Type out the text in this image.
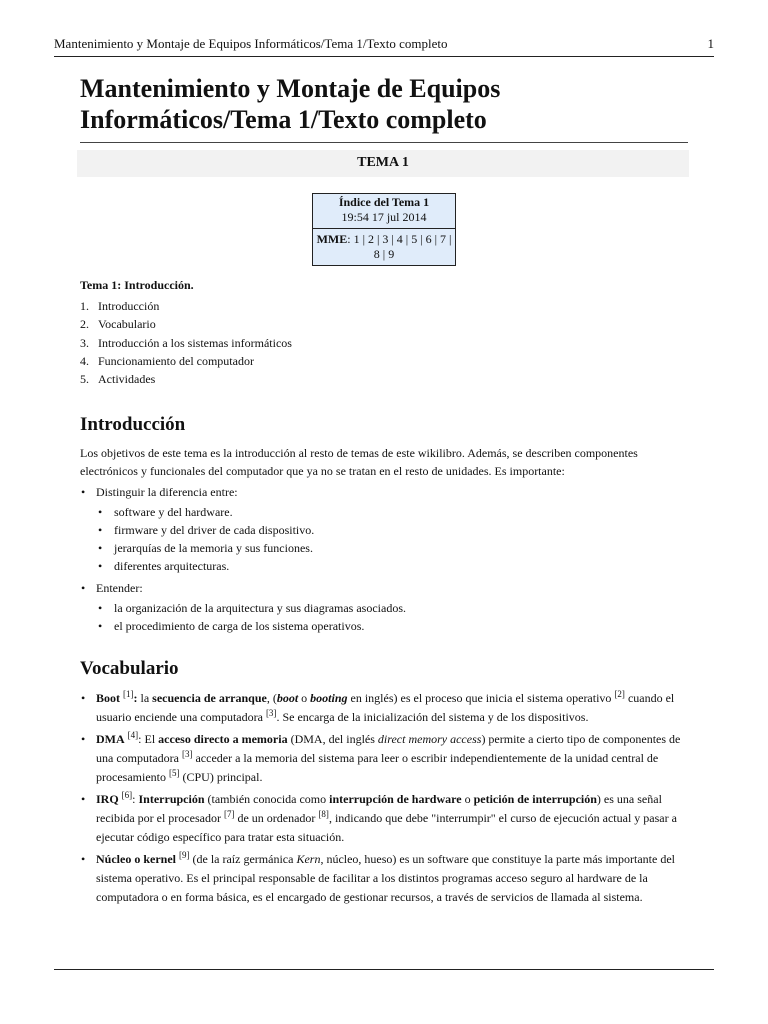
Mantenimiento y Montaje de Equipos Informáticos/Tema 1/Texto completo	1
Mantenimiento y Montaje de Equipos Informáticos/Tema 1/Texto completo
TEMA 1
Índice del Tema 1
19:54 17 jul 2014
MME: 1 | 2 | 3 | 4 | 5 | 6 | 7 | 8 | 9

Tema 1: Introducción.

1. Introducción
2. Vocabulario
3. Introducción a los sistemas informáticos
4. Funcionamiento del computador
5. Actividades
Introducción

Los objetivos de este tema es la introducción al resto de temas de este wikilibro. Además, se describen componentes electrónicos y funcionales del computador que ya no se tratan en el resto de unidades. Es importante:

• Distinguir la diferencia entre:
• software y del hardware.
• firmware y del driver de cada dispositivo.
• jerarquías de la memoria y sus funciones.
• diferentes arquitecturas.
• Entender:
• la organización de la arquitectura y sus diagramas asociados.
• el procedimiento de carga de los sistema operativos.
Vocabulario
• Boot [1]: la secuencia de arranque, (boot o booting en inglés) es el proceso que inicia el sistema operativo [2] cuando el usuario enciende una computadora [3]. Se encarga de la inicialización del sistema y de los dispositivos.
• DMA [4]: El acceso directo a memoria (DMA, del inglés direct memory access) permite a cierto tipo de componentes de una computadora [3] acceder a la memoria del sistema para leer o escribir independientemente de la unidad central de procesamiento [5] (CPU) principal.
• IRQ [6]: Interrupción (también conocida como interrupción de hardware o petición de interrupción) es una señal recibida por el procesador [7] de un ordenador [8], indicando que debe "interrumpir" el curso de ejecución actual y pasar a ejecutar código específico para tratar esta situación.
• Núcleo o kernel [9] (de la raíz germánica Kern, núcleo, hueso) es un software que constituye la parte más importante del sistema operativo. Es el principal responsable de facilitar a los distintos programas acceso seguro al hardware de la computadora o en forma básica, es el encargado de gestionar recursos, a través de servicios de llamada al sistema.
